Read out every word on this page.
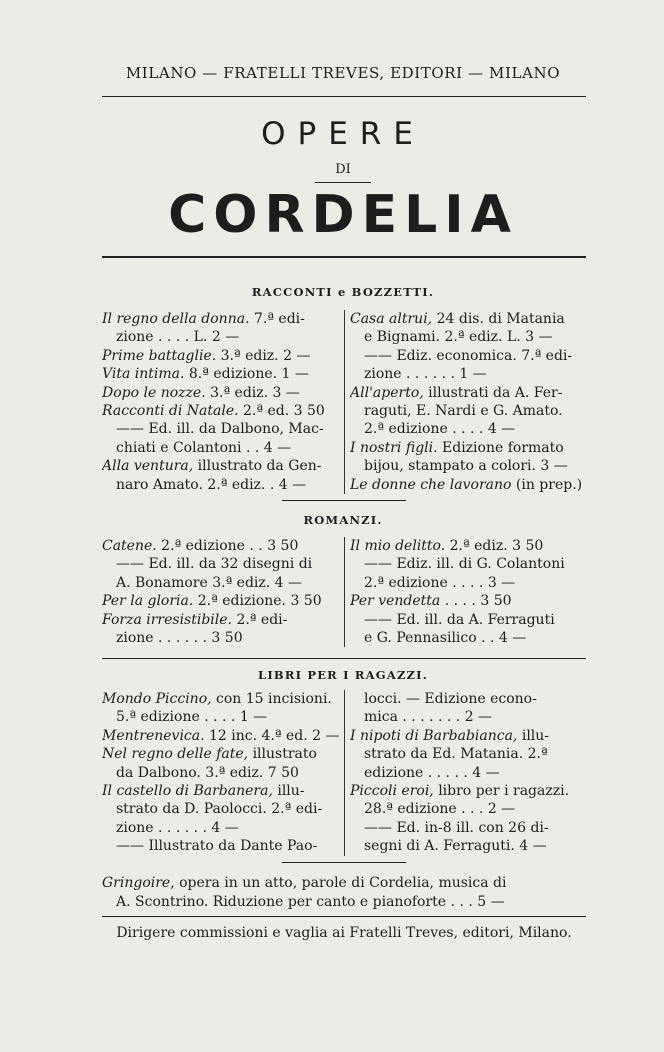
MILANO — FRATELLI TREVES, EDITORI — MILANO
OPERE
DI
CORDELIA
RACCONTI e BOZZETTI.
Il regno della donna. 7.ª edi-
zione . . . . L. 2 —
Prime battaglie. 3.ª ediz. 2 —
Vita intima. 8.ª edizione. 1 —
Dopo le nozze. 3.ª ediz. 3 —
Racconti di Natale. 2.ª ed. 3 50
—— Ed. ill. da Dalbono, Mac-
chiati e Colantoni . . 4 —
Alla ventura, illustrato da Gen-
naro Amato. 2.ª ediz. . 4 —
Casa altrui, 24 dis. di Matania
e Bignami. 2.ª ediz. L. 3 —
—— Ediz. economica. 7.ª edi-
zione . . . . . . 1 —
All'aperto, illustrati da A. Fer-
raguti, E. Nardi e G. Amato.
2.ª edizione . . . . 4 —
I nostri figli. Edizione formato
bijou, stampato a colori. 3 —
Le donne che lavorano (in prep.)
ROMANZI.
Catene. 2.ª edizione . . 3 50
—— Ed. ill. da 32 disegni di
A. Bonamore 3.ª ediz. 4 —
Per la gloria. 2.ª edizione. 3 50
Forza irresistibile. 2.ª edi-
zione . . . . . . 3 50
Il mio delitto. 2.ª ediz. 3 50
—— Ediz. ill. di G. Colantoni
2.ª edizione . . . . 3 —
Per vendetta . . . . 3 50
—— Ed. ill. da A. Ferraguti
e G. Pennasilico . . 4 —
LIBRI PER I RAGAZZI.
Mondo Piccino, con 15 incisioni.
5.ª edizione . . . . 1 —
Mentrenevica. 12 inc. 4.ª ed. 2 —
Nel regno delle fate, illustrato
da Dalbono. 3.ª ediz. 7 50
Il castello di Barbanera, illu-
strato da D. Paolocci. 2.ª edi-
zione . . . . . . 4 —
—— Illustrato da Dante Pao-
locci. — Edizione econo-
mica . . . . . . . 2 —
I nipoti di Barbabianca, illu-
strato da Ed. Matania. 2.ª
edizione . . . . . 4 —
Piccoli eroi, libro per i ragazzi.
28.ª edizione . . . 2 —
—— Ed. in-8 ill. con 26 di-
segni di A. Ferraguti. 4 —
Gringoire, opera in un atto, parole di Cordelia, musica di
A. Scontrino. Riduzione per canto e pianoforte . . . 5 —
Dirigere commissioni e vaglia ai Fratelli Treves, editori, Milano.
